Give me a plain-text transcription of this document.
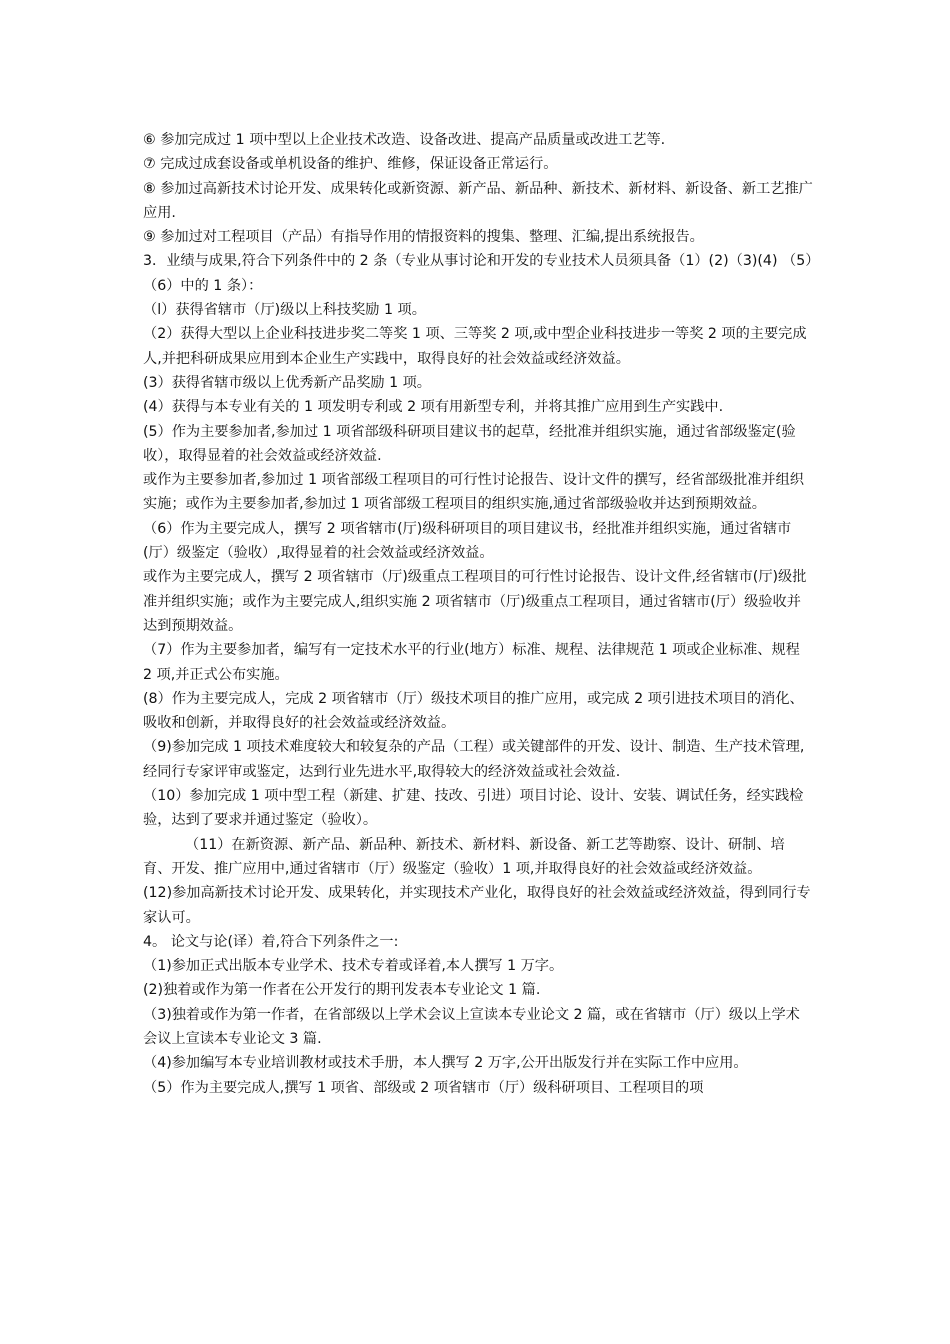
⑥ 参加完成过 1 项中型以上企业技术改造、设备改进、提高产品质量或改进工艺等.

⑦ 完成过成套设备或单机设备的维护、维修，保证设备正常运行。

⑧ 参加过高新技术讨论开发、成果转化或新资源、新产品、新品种、新技术、新材料、新设备、新工艺推广应用.

⑨ 参加过对工程项目（产品）有指导作用的情报资料的搜集、整理、汇编,提出系统报告。

3．业绩与成果,符合下列条件中的 2 条（专业从事讨论和开发的专业技术人员须具备（1）(2)（3)(4) （5）（6）中的 1 条）：

（l）获得省辖市（厅)级以上科技奖励 1 项。

（2）获得大型以上企业科技进步奖二等奖 1 项、三等奖 2 项,或中型企业科技进步一等奖 2 项的主要完成人,并把科研成果应用到本企业生产实践中，取得良好的社会效益或经济效益。

(3）获得省辖市级以上优秀新产品奖励 1 项。

(4）获得与本专业有关的 1 项发明专利或 2 项有用新型专利，并将其推广应用到生产实践中.

(5）作为主要参加者,参加过 1 项省部级科研项目建议书的起草，经批准并组织实施，通过省部级鉴定(验收），取得显着的社会效益或经济效益.

或作为主要参加者,参加过 1 项省部级工程项目的可行性讨论报告、设计文件的撰写，经省部级批准并组织实施；或作为主要参加者,参加过 1 项省部级工程项目的组织实施,通过省部级验收并达到预期效益。

（6）作为主要完成人，撰写 2 项省辖市(厅)级科研项目的项目建议书，经批准并组织实施，通过省辖市(厅）级鉴定（验收）,取得显着的社会效益或经济效益。

或作为主要完成人，撰写 2 项省辖市（厅)级重点工程项目的可行性讨论报告、设计文件,经省辖市(厅)级批准并组织实施；或作为主要完成人,组织实施 2 项省辖市（厅)级重点工程项目，通过省辖市(厅）级验收并达到预期效益。

（7）作为主要参加者，编写有一定技术水平的行业(地方）标准、规程、法律规范 1 项或企业标准、规程 2 项,并正式公布实施。

(8）作为主要完成人，完成 2 项省辖市（厅）级技术项目的推广应用，或完成 2 项引进技术项目的消化、吸收和创新，并取得良好的社会效益或经济效益。

（9)参加完成 1 项技术难度较大和较复杂的产品（工程）或关键部件的开发、设计、制造、生产技术管理,经同行专家评审或鉴定，达到行业先进水平,取得较大的经济效益或社会效益.

（10）参加完成 1 项中型工程（新建、扩建、技改、引进）项目讨论、设计、安装、调试任务，经实践检验，达到了要求并通过鉴定（验收）。

（11）在新资源、新产品、新品种、新技术、新材料、新设备、新工艺等勘察、设计、研制、培育、开发、推广应用中,通过省辖市（厅）级鉴定（验收）1 项,并取得良好的社会效益或经济效益。

(12)参加高新技术讨论开发、成果转化，并实现技术产业化，取得良好的社会效益或经济效益，得到同行专家认可。

4。 论文与论(译）着,符合下列条件之一:

（1)参加正式出版本专业学术、技术专着或译着,本人撰写 1 万字。

(2)独着或作为第一作者在公开发行的期刊发表本专业论文 1 篇.

（3)独着或作为第一作者，在省部级以上学术会议上宣读本专业论文 2 篇，或在省辖市（厅）级以上学术会议上宣读本专业论文 3 篇.

（4)参加编写本专业培训教材或技术手册，本人撰写 2 万字,公开出版发行并在实际工作中应用。

（5）作为主要完成人,撰写 1 项省、部级或 2 项省辖市（厅）级科研项目、工程项目的项
